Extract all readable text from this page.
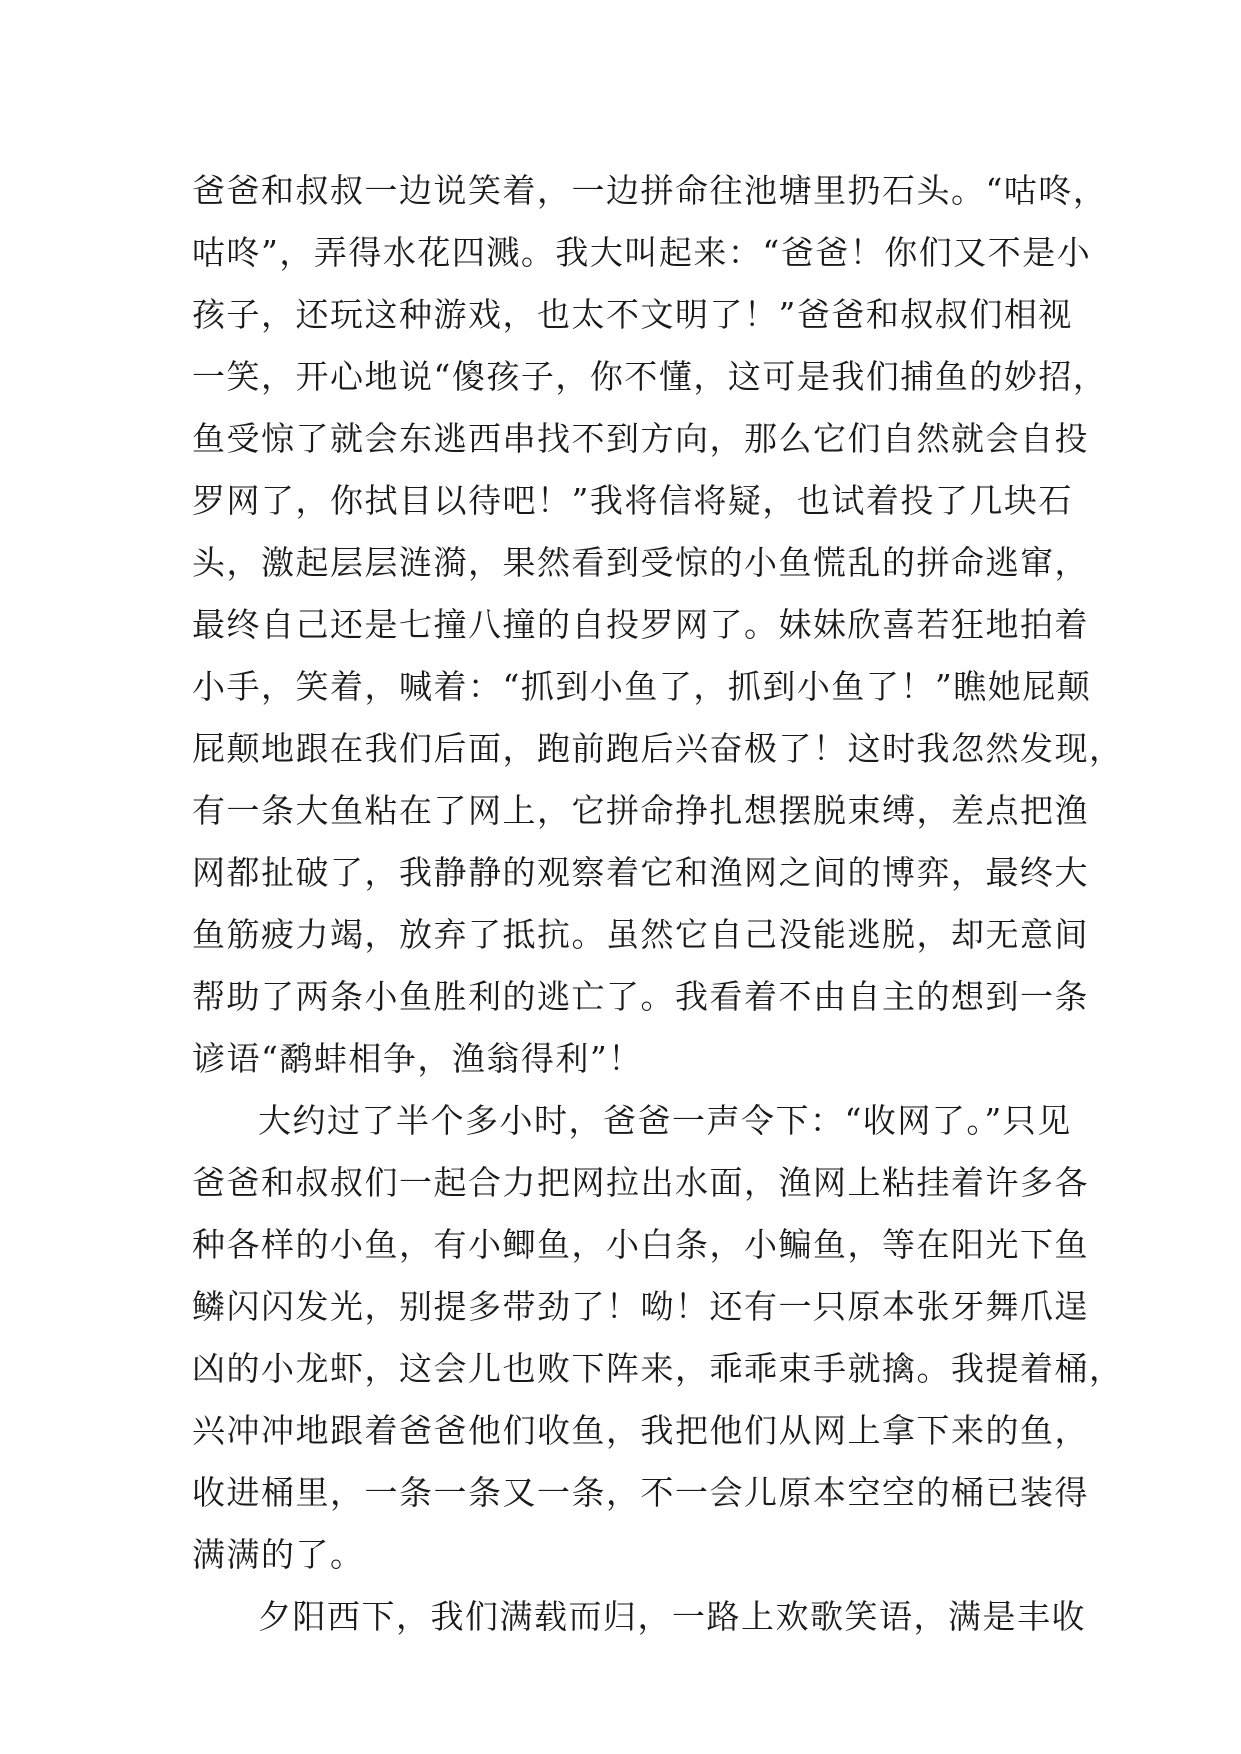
爸爸和叔叔一边说笑着，一边拼命往池塘里扔石头。“咕咚，
咕咚”，弄得水花四溅。我大叫起来：“爸爸！你们又不是小
孩子，还玩这种游戏，也太不文明了！”爸爸和叔叔们相视
一笑，开心地说“傻孩子，你不懂，这可是我们捕鱼的妙招，
鱼受惊了就会东逃西串找不到方向，那么它们自然就会自投
罗网了，你拭目以待吧！”我将信将疑，也试着投了几块石
头，激起层层涟漪，果然看到受惊的小鱼慌乱的拼命逃窜，
最终自己还是七撞八撞的自投罗网了。妹妹欣喜若狂地拍着
小手，笑着，喊着：“抓到小鱼了，抓到小鱼了！”瞧她屁颠
屁颠地跟在我们后面，跑前跑后兴奋极了！这时我忽然发现，
有一条大鱼粘在了网上，它拼命挣扎想摆脱束缚，差点把渔
网都扯破了，我静静的观察着它和渔网之间的博弈，最终大
鱼筋疲力竭，放弃了抵抗。虽然它自己没能逃脱，却无意间
帮助了两条小鱼胜利的逃亡了。我看着不由自主的想到一条
谚语“鹬蚌相争，渔翁得利”！
大约过了半个多小时，爸爸一声令下：“收网了。”只见
爸爸和叔叔们一起合力把网拉出水面，渔网上粘挂着许多各
种各样的小鱼，有小鲫鱼，小白条，小鳊鱼，等在阳光下鱼
鳞闪闪发光，别提多带劲了！呦！还有一只原本张牙舞爪逞
凶的小龙虾，这会儿也败下阵来，乖乖束手就擒。我提着桶，
兴冲冲地跟着爸爸他们收鱼，我把他们从网上拿下来的鱼，
收进桶里，一条一条又一条，不一会儿原本空空的桶已装得
满满的了。
夕阳西下，我们满载而归，一路上欢歌笑语，满是丰收
